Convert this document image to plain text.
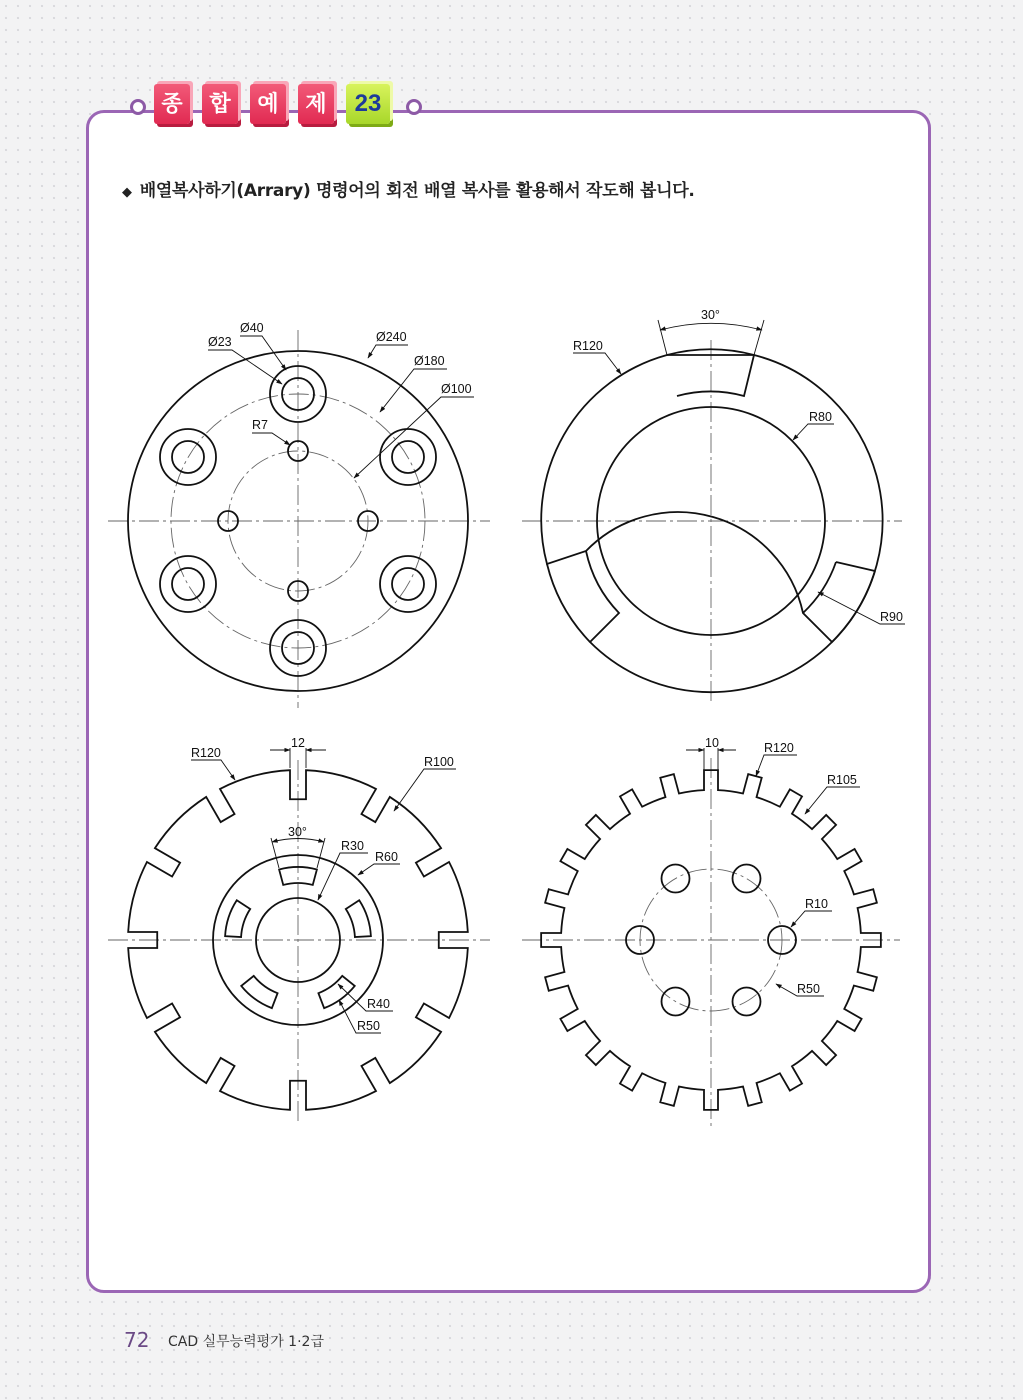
종	합	예	제	23
◆ 배열복사하기(Arrary) 명령어의 회전 배열 복사를 활용해서 작도해 봅니다.
Ø40
Ø23	Ø240
Ø180
Ø100
R7
30°
R120
R80
R90
12
R120
R100
30°
R30
R60
R40
R50
10	R120
R105
R10
R50
72 CAD 실무능력평가 1·2급
